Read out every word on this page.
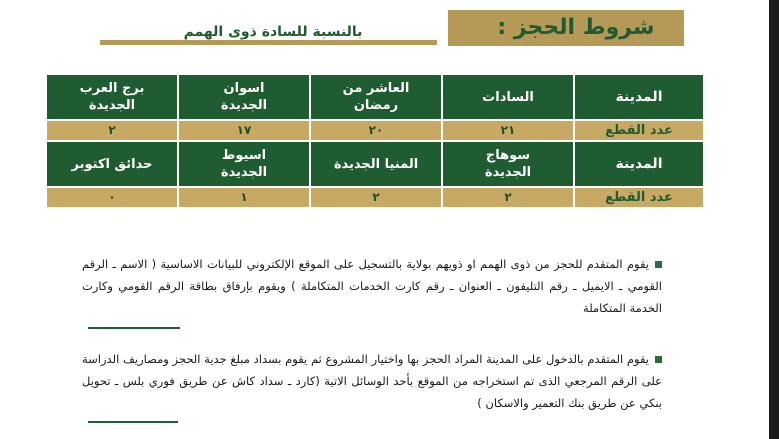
شروط الحجز :
بالنسبة للسادة ذوى الهمم
المدينة	السادات	العاشر من رمضان	اسوان الجديدة	برج العرب الجديدة
عدد القطع	٢١	٢٠	١٧	٢
المدينة	سوهاج الجديدة	المنيا الجديدة	اسيوط الجديدة	حدائق اكتوبر
عدد القطع	٢	٢	١	٠
يقوم المتقدم للحجز من ذوى الهمم او ذويهم بولاية بالتسجيل على الموقع الإلكتروني للبيانات الاساسية ( الاسم ـ الرقم القومي ـ الايميل ـ رقم التليفون ـ العنوان ـ رقم كارت الخدمات المتكاملة ) ويقوم بإرفاق بطاقة الرقم القومي وكارت الخدمة المتكاملة
يقوم المتقدم بالدخول على المدينة المراد الحجز بها واختيار المشروع ثم يقوم بسداد مبلغ جدية الحجز ومصاريف الدراسة على الرقم المرجعي الذى تم استخراجه من الموقع بأحد الوسائل الاتية (كارد ـ سداد كاش عن طريق فوري بلس ـ تحويل بنكي عن طريق بنك التعمير والاسكان )
